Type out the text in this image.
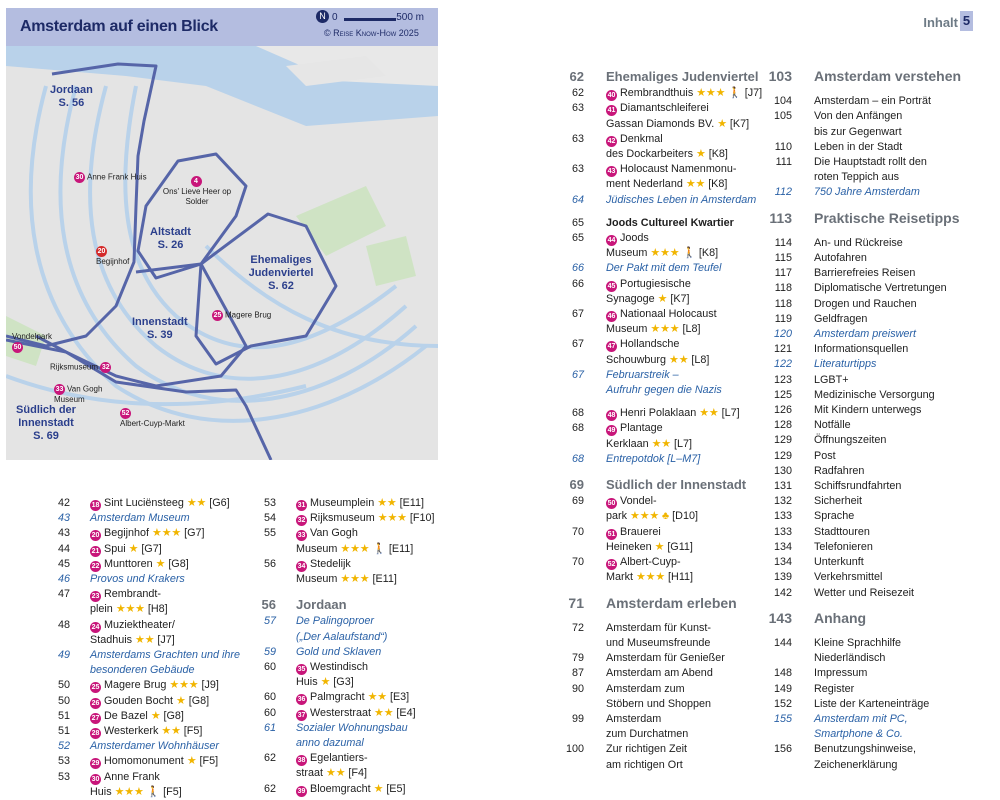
Amsterdam auf einen Blick
N 0	500 m
© Reise Know-How 2025
Jordaan
S. 56
Altstadt
S. 26
Ehemaliges Judenviertel
S. 62
Innenstadt
S. 39
Südlich der Innenstadt
S. 69
30 Anne Frank Huis	4
Ons' Lieve Heer op Solder
20
Begijnhof
25 Magere Brug
Vondelpark 50
Rijksmuseum 32
33 Van Gogh Museum
52
Albert-Cuyp-Markt
Inhalt 5
42	18 Sint Luciënsteeg ★★ [G6]
43 Amsterdam Museum
43	20 Begijnhof ★★★ [G7]
44	21 Spui ★ [G7]
45	22 Munttoren ★ [G8]
46 Provos und Krakers
47	23 Rembrandt-
plein ★★★ [H8]
48	24 Muziektheater/
Stadhuis ★★ [J7]
49 Amsterdams Grachten und ihre
besonderen Gebäude
50	25 Magere Brug ★★★ [J9]
50	26 Gouden Bocht ★ [G8]
51	27 De Bazel ★ [G8]
51	28 Westerkerk ★★ [F5]
52 Amsterdamer Wohnhäuser
53	29 Homomonument ★ [F5]
53	30 Anne Frank
Huis ★★★ 🚶 [F5]
53	31 Museumplein ★★ [E11]
54	32 Rijksmuseum ★★★ [F10]
55	33 Van Gogh
Museum ★★★ 🚶 [E11]
56	34 Stedelijk
Museum ★★★ [E11]
56 Jordaan
57 De Palingoproer
(„Der Aalaufstand“)
59 Gold und Sklaven
60	35 Westindisch
Huis ★ [G3]
60	36 Palmgracht ★★ [E3]
60	37 Westerstraat ★★ [E4]
61 Sozialer Wohnungsbau
anno dazumal
62	38 Egelantiers-
straat ★★ [F4]
62	39 Bloemgracht ★ [E5]
62 Ehemaliges Judenviertel
62	40 Rembrandthuis ★★★ 🚶 [J7]
63	41 Diamantschleiferei
Gassan Diamonds BV. ★ [K7]
63	42 Denkmal
des Dockarbeiters ★ [K8]
63	43 Holocaust Namenmonu-
ment Nederland ★★ [K8]
64 Jüdisches Leben in Amsterdam
65 Joods Cultureel Kwartier
65	44 Joods
Museum ★★★ 🚶 [K8]
66 Der Pakt mit dem Teufel
66	45 Portugiesische
Synagoge ★ [K7]
67	46 Nationaal Holocaust
Museum ★★★ [L8]
67	47 Hollandsche
Schouwburg ★★ [L8]
67 Februarstreik –
Aufruhr gegen die Nazis
68	48 Henri Polaklaan ★★ [L7]
68	49 Plantage
Kerklaan ★★ [L7]
68 Entrepotdok [L–M7]
69 Südlich der Innenstadt
69	50 Vondel-
park ★★★ ♣ [D10]
70	51 Brauerei
Heineken ★ [G11]
70	52 Albert-Cuyp-
Markt ★★★ [H11]
71 Amsterdam erleben
72 Amsterdam für Kunst-
und Museumsfreunde
79 Amsterdam für Genießer
87 Amsterdam am Abend
90 Amsterdam zum
Stöbern und Shoppen
99 Amsterdam
zum Durchatmen
100 Zur richtigen Zeit
am richtigen Ort
103 Amsterdam verstehen
104 Amsterdam – ein Porträt
105 Von den Anfängen
bis zur Gegenwart
110 Leben in der Stadt
111 Die Hauptstadt rollt den
roten Teppich aus
112 750 Jahre Amsterdam
113 Praktische Reisetipps
114 An- und Rückreise
115 Autofahren
117 Barrierefreies Reisen
118 Diplomatische Vertretungen
118 Drogen und Rauchen
119 Geldfragen
120 Amsterdam preiswert
121 Informationsquellen
122 Literaturtipps
123 LGBT+
125 Medizinische Versorgung
126 Mit Kindern unterwegs
128 Notfälle
129 Öffnungszeiten
129 Post
130 Radfahren
131 Schiffsrundfahrten
132 Sicherheit
133 Sprache
133 Stadttouren
134 Telefonieren
134 Unterkunft
139 Verkehrsmittel
142 Wetter und Reisezeit
143 Anhang
144 Kleine Sprachhilfe
Niederländisch
148 Impressum
149 Register
152 Liste der Karteneinträge
155 Amsterdam mit PC,
Smartphone & Co.
156 Benutzungshinweise,
Zeichenerklärung
